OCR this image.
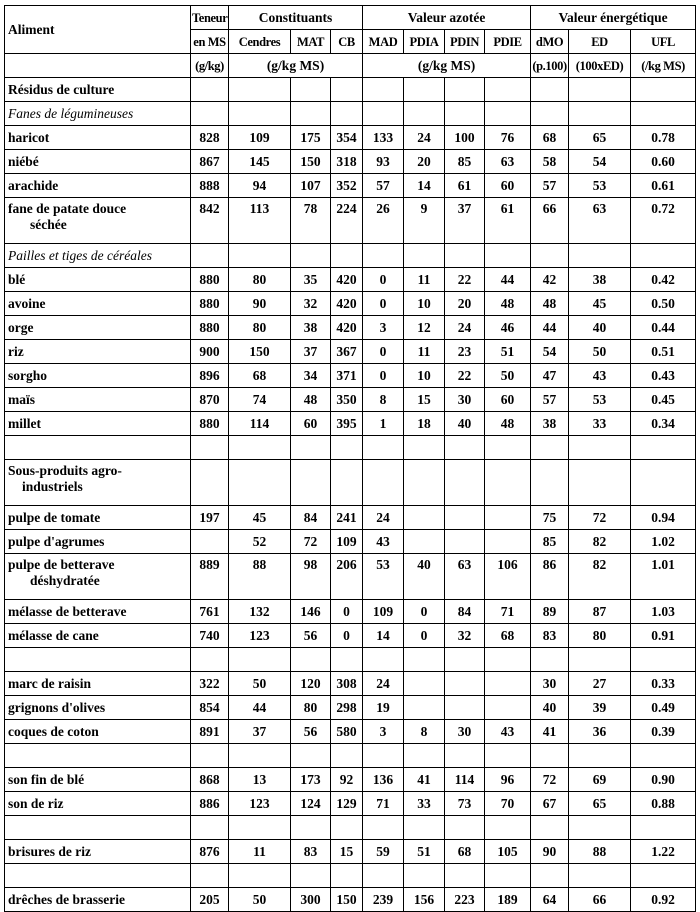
Aliment	Teneur	Constituants			Valeur azotée				Valeur énergétique		
	en MS	Cendres	MAT	CB	MAD	PDIA	PDIN	PDIE	dMO	ED	UFL
	(g/kg)	(g/kg MS)			(g/kg MS)				(p.100)	(100xED)	(/kg MS)
Résidus de culture											
Fanes de légumineuses											
haricot	828	109	175	354	133	24	100	76	68	65	0.78
niébé	867	145	150	318	93	20	85	63	58	54	0.60
arachide	888	94	107	352	57	14	61	60	57	53	0.61
fane de patate douce
séchée	842	113	78	224	26	9	37	61	66	63	0.72
Pailles et tiges de céréales											
blé	880	80	35	420	0	11	22	44	42	38	0.42
avoine	880	90	32	420	0	10	20	48	48	45	0.50
orge	880	80	38	420	3	12	24	46	44	40	0.44
riz	900	150	37	367	0	11	23	51	54	50	0.51
sorgho	896	68	34	371	0	10	22	50	47	43	0.43
maïs	870	74	48	350	8	15	30	60	57	53	0.45
millet	880	114	60	395	1	18	40	48	38	33	0.34

Sous-produits agro-
industriels											

pulpe de tomate	197	45	84	241	24				75	72	0.94
pulpe d'agrumes		52	72	109	43				85	82	1.02
pulpe de betterave
déshydratée	889	88	98	206	53	40	63	106	86	82	1.01
mélasse de betterave	761	132	146	0	109	0	84	71	89	87	1.03
mélasse de cane	740	123	56	0	14	0	32	68	83	80	0.91

marc de raisin	322	50	120	308	24				30	27	0.33
grignons d'olives	854	44	80	298	19				40	39	0.49
coques de coton	891	37	56	580	3	8	30	43	41	36	0.39

son fin de blé	868	13	173	92	136	41	114	96	72	69	0.90
son de riz	886	123	124	129	71	33	73	70	67	65	0.88

brisures de riz	876	11	83	15	59	51	68	105	90	88	1.22

drêches de brasserie	205	50	300	150	239	156	223	189	64	66	0.92
